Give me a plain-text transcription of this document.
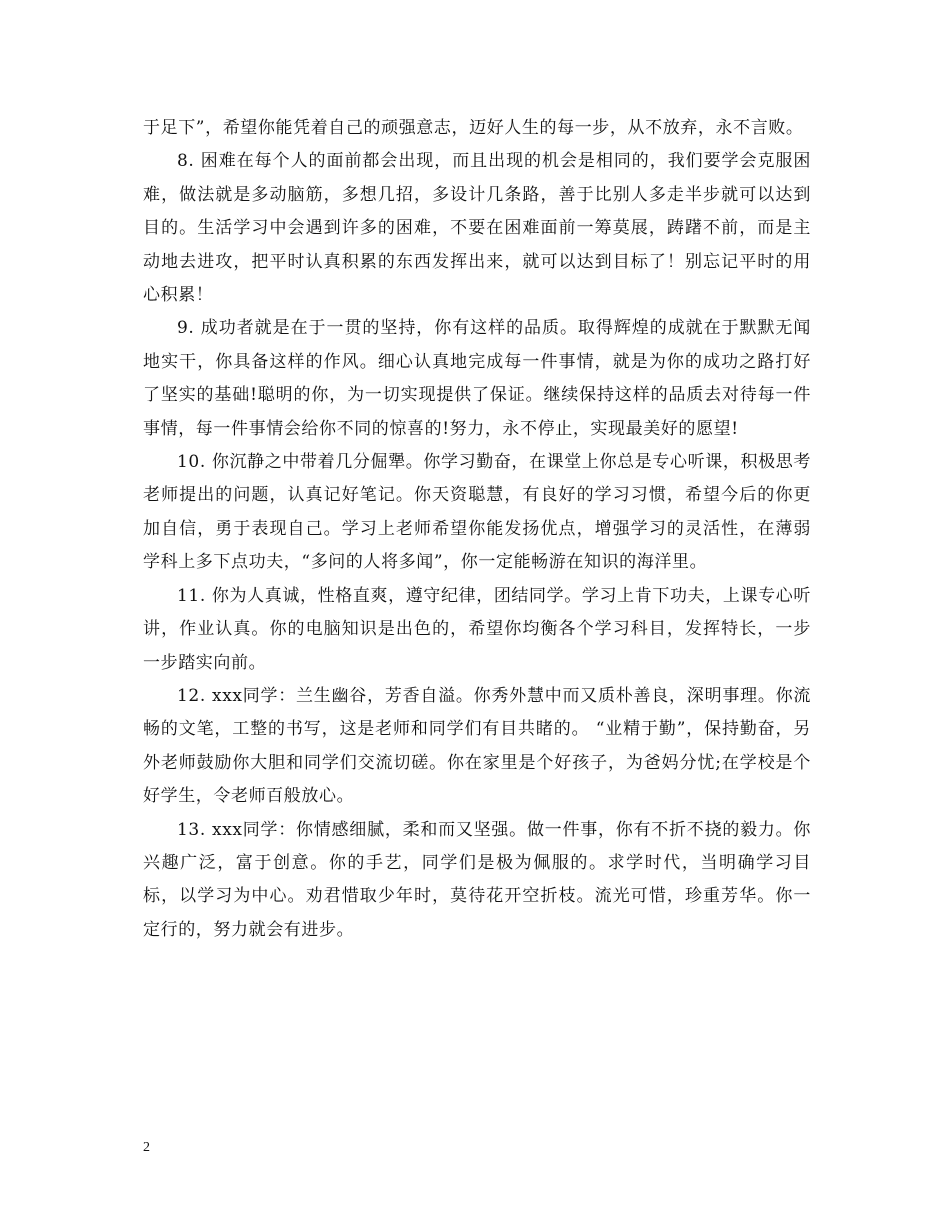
于足下”，希望你能凭着自己的顽强意志，迈好人生的每一步，从不放弃，永不言败。

8. 困难在每个人的面前都会出现，而且出现的机会是相同的，我们要学会克服困难，做法就是多动脑筋，多想几招，多设计几条路，善于比别人多走半步就可以达到目的。生活学习中会遇到许多的困难，不要在困难面前一筹莫展，踌躇不前，而是主动地去进攻，把平时认真积累的东西发挥出来，就可以达到目标了！别忘记平时的用心积累！

9. 成功者就是在于一贯的坚持，你有这样的品质。取得辉煌的成就在于默默无闻地实干，你具备这样的作风。细心认真地完成每一件事情，就是为你的成功之路打好了坚实的基础!聪明的你，为一切实现提供了保证。继续保持这样的品质去对待每一件事情，每一件事情会给你不同的惊喜的!努力，永不停止，实现最美好的愿望!

10. 你沉静之中带着几分倔犟。你学习勤奋，在课堂上你总是专心听课，积极思考老师提出的问题，认真记好笔记。你天资聪慧，有良好的学习习惯，希望今后的你更加自信，勇于表现自己。学习上老师希望你能发扬优点，增强学习的灵活性，在薄弱学科上多下点功夫，“多问的人将多闻”，你一定能畅游在知识的海洋里。

11. 你为人真诚，性格直爽，遵守纪律，团结同学。学习上肯下功夫，上课专心听讲，作业认真。你的电脑知识是出色的，希望你均衡各个学习科目，发挥特长，一步一步踏实向前。

12. xxx同学：兰生幽谷，芳香自溢。你秀外慧中而又质朴善良，深明事理。你流畅的文笔，工整的书写，这是老师和同学们有目共睹的。 “业精于勤”，保持勤奋，另外老师鼓励你大胆和同学们交流切磋。你在家里是个好孩子，为爸妈分忧;在学校是个好学生，令老师百般放心。

13. xxx同学：你情感细腻，柔和而又坚强。做一件事，你有不折不挠的毅力。你兴趣广泛，富于创意。你的手艺，同学们是极为佩服的。求学时代，当明确学习目标，以学习为中心。劝君惜取少年时，莫待花开空折枝。流光可惜，珍重芳华。你一定行的，努力就会有进步。

2
